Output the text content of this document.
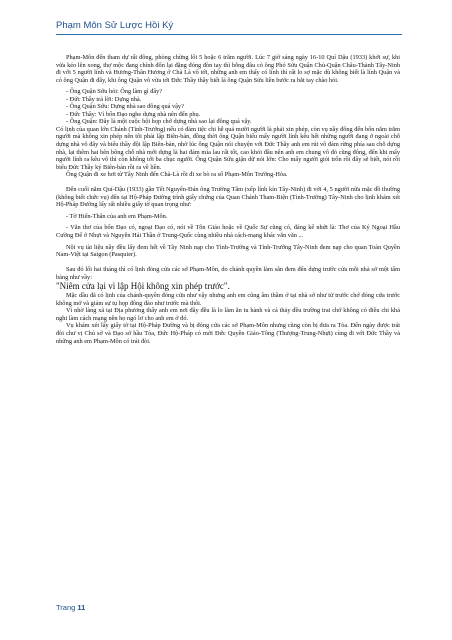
Phạm Môn Sử Lược Hồi Ký

Phạm-Môn đến tham dự rất đông, phòng chừng lối 5 hoặc 6 trăm người. Lúc 7 giờ sáng ngày 16-10 Quí Dậu (1933) khởi sự, khi vừa kéo lên xong, thợ mộc đang chính đốn lại đặng đóng đòn tay thì bỗng đâu có ông Phó Sứu Quận Chủ-Quận Châu-Thành Tây-Ninh đi với 5 người lính và Hương-Thân Hương ở Chà Là vô tới, những anh em thấy có lính thì rất lo sợ mặc dù không biết là lính Quận và có ông Quận đi đây, khi ông Quận vô vừa tới Đức Thầy thầy biết là ông Quận Sứu liền bước ra bắt tay chào hỏi.

- Ông Quận Sứu hỏi: Ông làm gì đây?

- Đức Thầy trả lời: Dựng nhà.

- Ông Quận Sứu: Dựng nhà sao đông quá vậy?

- Đức Thầy: Vì bổn Đạo nghe dựng nhà nên đến phụ.

- Ông Quận: Đây là một cuộc hội họp chớ dựng nhà sao lại đông quá vậy.

Có lịnh của quan lớn Chánh (Tỉnh-Trưởng) nếu có đám tiệc chi hễ quá mười người là phải xin phép, còn vụ nầy đông đến bốn năm trăm người mà không xin phép nên tôi phải lập Biên-bản, đồng thời ông Quận biểu mấy người lính kêu hết những người đang ở ngoài chỗ dựng nhà vô đây và biểu thầy đội lập Biên-bản, nhờ lúc ông Quận nói chuyện với Đức Thầy anh em rút vô đám rừng phía sau chỗ dựng nhà, lại thêm hai bên bông chỗ nhà mới dựng là hai đám mía lau rất tốt, cao khỏi đầu nên anh em chung vô đó cũng đông, đến khi mấy người lính ra kêu vô thì còn không tới ba chục người. Ông Quận Sứu giận dữ nói lớn: Cho mấy người giỏi trốn rồi đây sẽ biết, nói rồi biểu Đức Thầy ký Biên-bản rồi ra về liền.

Ông Quận đi xe hơi từ Tây Ninh đến Chà-Là rồi đi xe bò ra số Phạm-Môn Trường-Hòa.

Đến cuối năm Quí-Dậu (1933) gần Tết Nguyên-Đán ông Trưởng Tâm (xếp lính kín Tây-Ninh) đi với 4, 5 người nữa mặc đồ thường (không biết chức vụ) đến tại Hộ-Pháp Đường trình giấy chứng của Quan Chánh Tham-Biện (Tỉnh-Trưởng) Tây-Ninh cho lịnh khám xét Hộ-Pháp Đường lấy rất nhiều giấy tờ quan trọng như:

- Tờ Hiến-Thân của anh em Phạm-Môn.

- Văn thơ của bổn Đạo có, ngoại Đạo có, nói về Tôn Giáo hoặc về Quốc Sự cũng có, đáng kể nhứt là: Thơ của Ký Ngoại Hầu Cường Để ở Nhựt và Nguyễn Hải Thần ở Trung-Quốc cùng nhiều nhà cách-mạng khác văn văn ...

Nội vụ tài liệu nầy đều lấy đem hết về Tây Ninh nạp cho Tỉnh-Trưởng và Tỉnh-Trưởng Tây-Ninh đem nạp cho quan Toàn Quyền Nam-Việt tại Saigon (Pasquier).

Sau đó lối hai tháng thì có lịnh đóng cửa các sở Phạm-Môn, do chánh quyền làm sẵn đem đến dựng trước cửa mỗi nhà sở một tấm bảng như vầy:

"Niêm cửa lại vì lập Hội không xin phép trước".

Mặc dầu đã có lịnh của chánh-quyền đóng cửa như vậy nhưng anh em cũng âm thầm ở tại nhà sở như từ trước chớ đóng cửa trước không mở và giảm sự tụ họp đông đảo như trước mà thôi.

Vì nhờ làng xã tại Địa phương thấy anh em nơi đây đều là lo làm ăn tu hành và cả thảy đều trường trai chớ không có điều chi khả nghi làm cách mạng nên họ ngó lơ cho anh em ở đó.

Vụ khám xét lấy giấy tờ tại Hộ-Pháp Đường và bị đóng cửa các sở Phạm-Môn nhưng cũng còn bị đưa ra Tòa. Đến ngày được trát đòi chư vị Chủ sở và Đạo sở hầu Tòa, Đức Hộ-Pháp có mời Đức Quyền Giáo-Tông (Thượng-Trung-Nhựt) cùng đi với Đức Thầy và những anh em Phạm-Môn có trát đòi.

Trang 11
